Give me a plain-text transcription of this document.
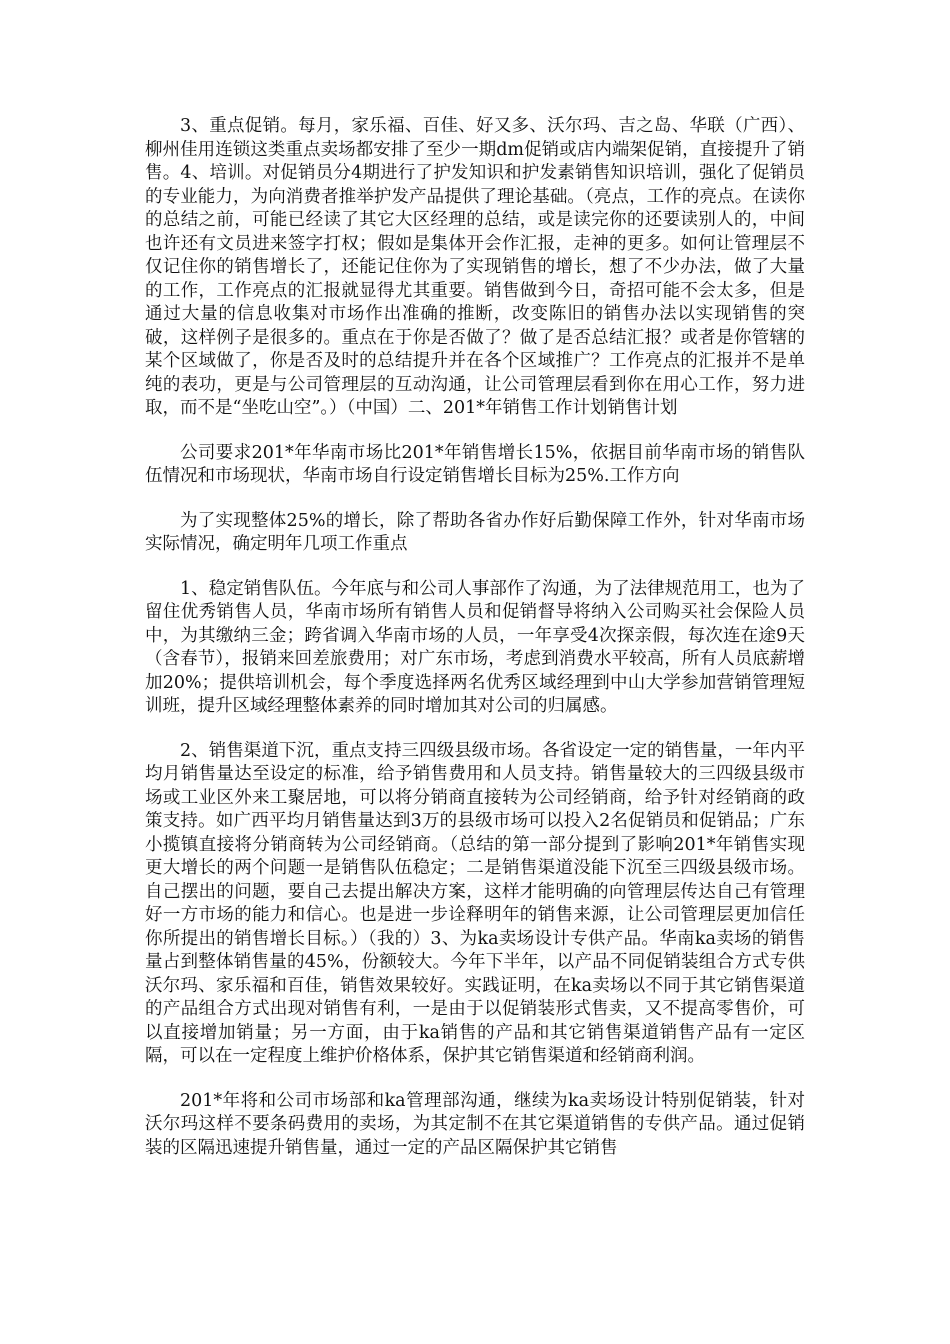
3、重点促销。每月，家乐福、百佳、好又多、沃尔玛、吉之岛、华联（广西）、柳州佳用连锁这类重点卖场都安排了至少一期dm促销或店内端架促销，直接提升了销售。4、培训。对促销员分4期进行了护发知识和护发素销售知识培训，强化了促销员的专业能力，为向消费者推举护发产品提供了理论基础。（亮点，工作的亮点。在读你的总结之前，可能已经读了其它大区经理的总结，或是读完你的还要读别人的，中间也许还有文员进来签字打权；假如是集体开会作汇报，走神的更多。如何让管理层不仅记住你的销售增长了，还能记住你为了实现销售的增长，想了不少办法，做了大量的工作，工作亮点的汇报就显得尤其重要。销售做到今日，奇招可能不会太多，但是通过大量的信息收集对市场作出准确的推断，改变陈旧的销售办法以实现销售的突破，这样例子是很多的。重点在于你是否做了？做了是否总结汇报？或者是你管辖的某个区域做了，你是否及时的总结提升并在各个区域推广？工作亮点的汇报并不是单纯的表功，更是与公司管理层的互动沟通，让公司管理层看到你在用心工作，努力进取，而不是“坐吃山空”。）（中国）二、201*年销售工作计划销售计划

公司要求201*年华南市场比201*年销售增长15%，依据目前华南市场的销售队伍情况和市场现状，华南市场自行设定销售增长目标为25%.工作方向

为了实现整体25%的增长，除了帮助各省办作好后勤保障工作外，针对华南市场实际情况，确定明年几项工作重点

1、稳定销售队伍。今年底与和公司人事部作了沟通，为了法律规范用工，也为了留住优秀销售人员，华南市场所有销售人员和促销督导将纳入公司购买社会保险人员中，为其缴纳三金；跨省调入华南市场的人员，一年享受4次探亲假，每次连在途9天（含春节），报销来回差旅费用；对广东市场，考虑到消费水平较高，所有人员底薪增加20%；提供培训机会，每个季度选择两名优秀区域经理到中山大学参加营销管理短训班，提升区域经理整体素养的同时增加其对公司的归属感。

2、销售渠道下沉，重点支持三四级县级市场。各省设定一定的销售量，一年内平均月销售量达至设定的标准，给予销售费用和人员支持。销售量较大的三四级县级市场或工业区外来工聚居地，可以将分销商直接转为公司经销商，给予针对经销商的政策支持。如广西平均月销售量达到3万的县级市场可以投入2名促销员和促销品；广东小揽镇直接将分销商转为公司经销商。（总结的第一部分提到了影响201*年销售实现更大增长的两个问题一是销售队伍稳定；二是销售渠道没能下沉至三四级县级市场。自己摆出的问题，要自己去提出解决方案，这样才能明确的向管理层传达自己有管理好一方市场的能力和信心。也是进一步诠释明年的销售来源，让公司管理层更加信任你所提出的销售增长目标。）（我的）3、为ka卖场设计专供产品。华南ka卖场的销售量占到整体销售量的45%，份额较大。今年下半年，以产品不同促销装组合方式专供沃尔玛、家乐福和百佳，销售效果较好。实践证明，在ka卖场以不同于其它销售渠道的产品组合方式出现对销售有利，一是由于以促销装形式售卖，又不提高零售价，可以直接增加销量；另一方面，由于ka销售的产品和其它销售渠道销售产品有一定区隔，可以在一定程度上维护价格体系，保护其它销售渠道和经销商利润。

201*年将和公司市场部和ka管理部沟通，继续为ka卖场设计特别促销装，针对沃尔玛这样不要条码费用的卖场，为其定制不在其它渠道销售的专供产品。通过促销装的区隔迅速提升销售量，通过一定的产品区隔保护其它销售
